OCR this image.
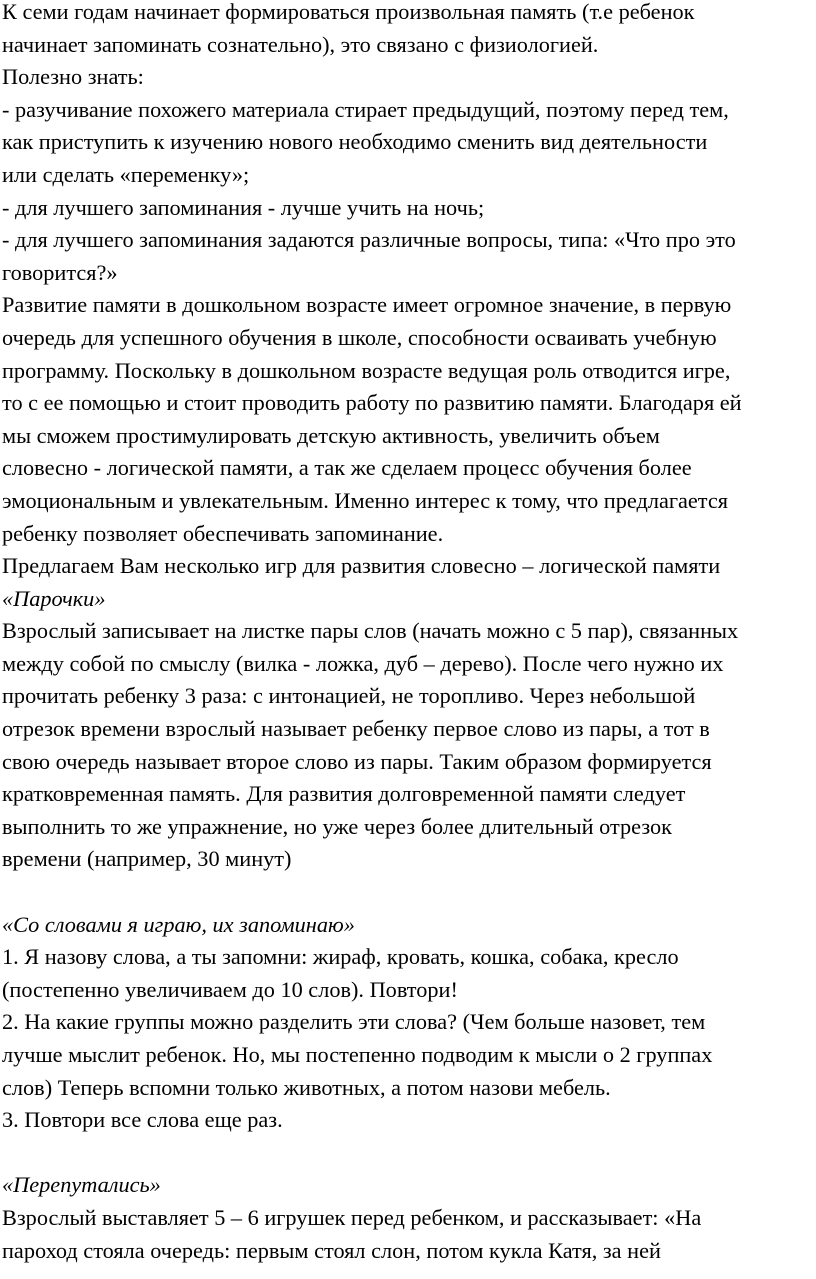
К семи годам начинает формироваться произвольная память (т.е ребенок
начинает запоминать сознательно), это связано с физиологией.
Полезно знать:
- разучивание похожего материала стирает предыдущий, поэтому перед тем,
как приступить к изучению нового необходимо сменить вид деятельности
или сделать «переменку»;
- для лучшего запоминания - лучше учить на ночь;
- для лучшего запоминания задаются различные вопросы, типа: «Что про это
говорится?»
Развитие памяти в дошкольном возрасте имеет огромное значение, в первую
очередь для успешного обучения в школе, способности осваивать учебную
программу. Поскольку в дошкольном возрасте ведущая роль отводится игре,
то с ее помощью и стоит проводить работу по развитию памяти. Благодаря ей
мы сможем простимулировать детскую активность, увеличить объем
словесно - логической памяти, а так же сделаем процесс обучения более
эмоциональным и увлекательным. Именно интерес к тому, что предлагается
ребенку позволяет обеспечивать запоминание.
Предлагаем Вам несколько игр для развития словесно – логической памяти
«Парочки»
Взрослый записывает на листке пары слов (начать можно с 5 пар), связанных
между собой по смыслу (вилка - ложка, дуб – дерево). После чего нужно их
прочитать ребенку 3 раза: с интонацией, не торопливо. Через небольшой
отрезок времени взрослый называет ребенку первое слово из пары, а тот в
свою очередь называет второе слово из пары. Таким образом формируется
кратковременная память. Для развития долговременной памяти следует
выполнить то же упражнение, но уже через более длительный отрезок
времени (например, 30 минут)
«Со словами я играю, их запоминаю»
1. Я назову слова, а ты запомни: жираф, кровать, кошка, собака, кресло
(постепенно увеличиваем до 10 слов). Повтори!
2. На какие группы можно разделить эти слова? (Чем больше назовет, тем
лучше мыслит ребенок. Но, мы постепенно подводим к мысли о 2 группах
слов) Теперь вспомни только животных, а потом назови мебель.
3. Повтори все слова еще раз.
«Перепутались»
Взрослый выставляет 5 – 6 игрушек перед ребенком, и рассказывает: «На
пароход стояла очередь: первым стоял слон, потом кукла Катя, за ней
